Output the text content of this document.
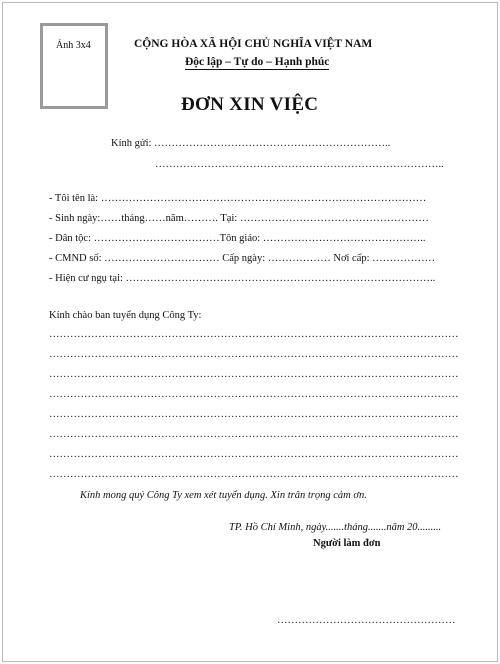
Ảnh 3x4	CỘNG HÒA XÃ HỘI CHỦ NGHĨA VIỆT NAM
Độc lập – Tự do – Hạnh phúc
ĐƠN XIN VIỆC
Kính gửi: …………………………………………………………..
………………………………………………………………………..
- Tôi tên là: …………………………………………………………………………………
- Sinh ngày:……tháng……năm………. Tại: ………………………………………………
- Dân tộc: ………………………………Tôn giáo: ………………………………………..
- CMND số: …………………………… Cấp ngày: ……………… Nơi cấp: ………………
- Hiện cư ngụ tại: ……………………………………………………………………………..
Kính chào ban tuyển dụng Công Ty:
………………………………………………………………………………………………………
………………………………………………………………………………………………………
………………………………………………………………………………………………………
………………………………………………………………………………………………………
………………………………………………………………………………………………………
………………………………………………………………………………………………………
………………………………………………………………………………………………………
………………………………………………………………………………………………………
Kính mong quý Công Ty xem xét tuyển dụng. Xin trân trọng cảm ơn.
TP. Hồ Chí Minh, ngày.......tháng.......năm 20.........
Người làm đơn
……………………………………………
